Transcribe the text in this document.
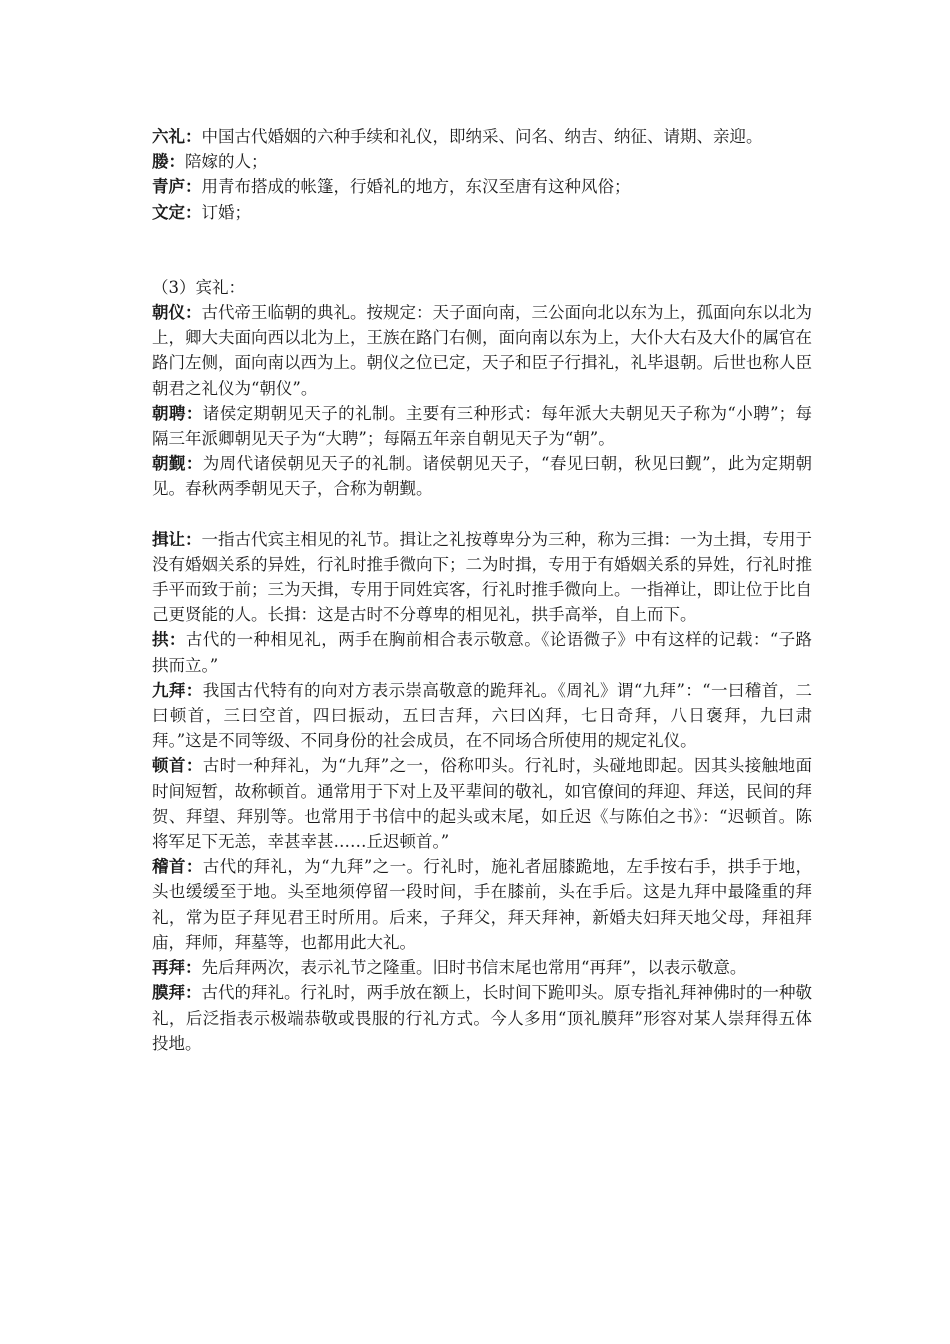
六礼：中国古代婚姻的六种手续和礼仪，即纳采、问名、纳吉、纳征、请期、亲迎。

媵：陪嫁的人；

青庐：用青布搭成的帐篷，行婚礼的地方，东汉至唐有这种风俗；

文定：订婚；

（3）宾礼：

朝仪：古代帝王临朝的典礼。按规定：天子面向南，三公面向北以东为上，孤面向东以北为上，卿大夫面向西以北为上，王族在路门右侧，面向南以东为上，大仆大右及大仆的属官在路门左侧，面向南以西为上。朝仪之位已定，天子和臣子行揖礼，礼毕退朝。后世也称人臣朝君之礼仪为“朝仪”。

朝聘：诸侯定期朝见天子的礼制。主要有三种形式：每年派大夫朝见天子称为“小聘”；每隔三年派卿朝见天子为“大聘”；每隔五年亲自朝见天子为“朝”。

朝觐：为周代诸侯朝见天子的礼制。诸侯朝见天子，“春见曰朝，秋见曰觐”，此为定期朝见。春秋两季朝见天子，合称为朝觐。

揖让：一指古代宾主相见的礼节。揖让之礼按尊卑分为三种，称为三揖：一为土揖，专用于没有婚姻关系的异姓，行礼时推手微向下；二为时揖，专用于有婚姻关系的异姓，行礼时推手平而致于前；三为天揖，专用于同姓宾客，行礼时推手微向上。一指禅让，即让位于比自己更贤能的人。长揖：这是古时不分尊卑的相见礼，拱手高举，自上而下。

拱：古代的一种相见礼，两手在胸前相合表示敬意。《论语微子》中有这样的记载：“子路拱而立。”

九拜：我国古代特有的向对方表示崇高敬意的跪拜礼。《周礼》谓“九拜”：“一曰稽首，二曰顿首，三曰空首，四曰振动，五曰吉拜，六曰凶拜，七日奇拜，八日褒拜，九曰肃拜。”这是不同等级、不同身份的社会成员，在不同场合所使用的规定礼仪。

顿首：古时一种拜礼，为“九拜”之一，俗称叩头。行礼时，头碰地即起。因其头接触地面时间短暂，故称顿首。通常用于下对上及平辈间的敬礼，如官僚间的拜迎、拜送，民间的拜贺、拜望、拜别等。也常用于书信中的起头或末尾，如丘迟《与陈伯之书》：“迟顿首。陈将军足下无恙，幸甚幸甚……丘迟顿首。”

稽首：古代的拜礼，为“九拜”之一。行礼时，施礼者屈膝跪地，左手按右手，拱手于地，头也缓缓至于地。头至地须停留一段时间，手在膝前，头在手后。这是九拜中最隆重的拜礼，常为臣子拜见君王时所用。后来，子拜父，拜天拜神，新婚夫妇拜天地父母，拜祖拜庙，拜师，拜墓等，也都用此大礼。

再拜：先后拜两次，表示礼节之隆重。旧时书信末尾也常用“再拜”，以表示敬意。

膜拜：古代的拜礼。行礼时，两手放在额上，长时间下跪叩头。原专指礼拜神佛时的一种敬礼，后泛指表示极端恭敬或畏服的行礼方式。今人多用“顶礼膜拜”形容对某人崇拜得五体投地。
